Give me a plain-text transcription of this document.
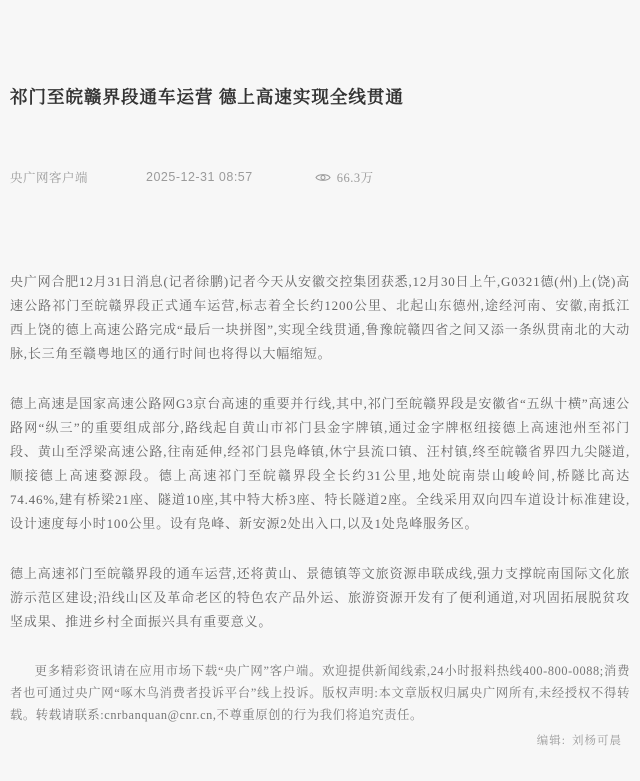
祁门至皖赣界段通车运营 德上高速实现全线贯通
央广网客户端	2025-12-31 08:57	66.3万

央广网合肥12月31日消息(记者徐鹏)记者今天从安徽交控集团获悉,12月30日上午,G0321德(州)上(饶)高速公路祁门至皖赣界段正式通车运营,标志着全长约1200公里、北起山东德州,途经河南、安徽,南抵江西上饶的德上高速公路完成“最后一块拼图”,实现全线贯通,鲁豫皖赣四省之间又添一条纵贯南北的大动脉,长三角至赣粤地区的通行时间也将得以大幅缩短。

德上高速是国家高速公路网G3京台高速的重要并行线,其中,祁门至皖赣界段是安徽省“五纵十横”高速公路网“纵三”的重要组成部分,路线起自黄山市祁门县金字牌镇,通过金字牌枢纽接德上高速池州至祁门段、黄山至浮梁高速公路,往南延伸,经祁门县凫峰镇,休宁县流口镇、汪村镇,终至皖赣省界四九尖隧道,顺接德上高速婺源段。德上高速祁门至皖赣界段全长约31公里,地处皖南崇山峻岭间,桥隧比高达74.46%,建有桥梁21座、隧道10座,其中特大桥3座、特长隧道2座。全线采用双向四车道设计标准建设,设计速度每小时100公里。设有凫峰、新安源2处出入口,以及1处凫峰服务区。

德上高速祁门至皖赣界段的通车运营,还将黄山、景德镇等文旅资源串联成线,强力支撑皖南国际文化旅游示范区建设;沿线山区及革命老区的特色农产品外运、旅游资源开发有了便利通道,对巩固拓展脱贫攻坚成果、推进乡村全面振兴具有重要意义。

更多精彩资讯请在应用市场下载“央广网”客户端。欢迎提供新闻线索,24小时报料热线400-800-0088;消费者也可通过央广网“啄木鸟消费者投诉平台”线上投诉。版权声明:本文章版权归属央广网所有,未经授权不得转载。转载请联系:cnrbanquan@cnr.cn,不尊重原创的行为我们将追究责任。

编辑: 刘杨可晨
